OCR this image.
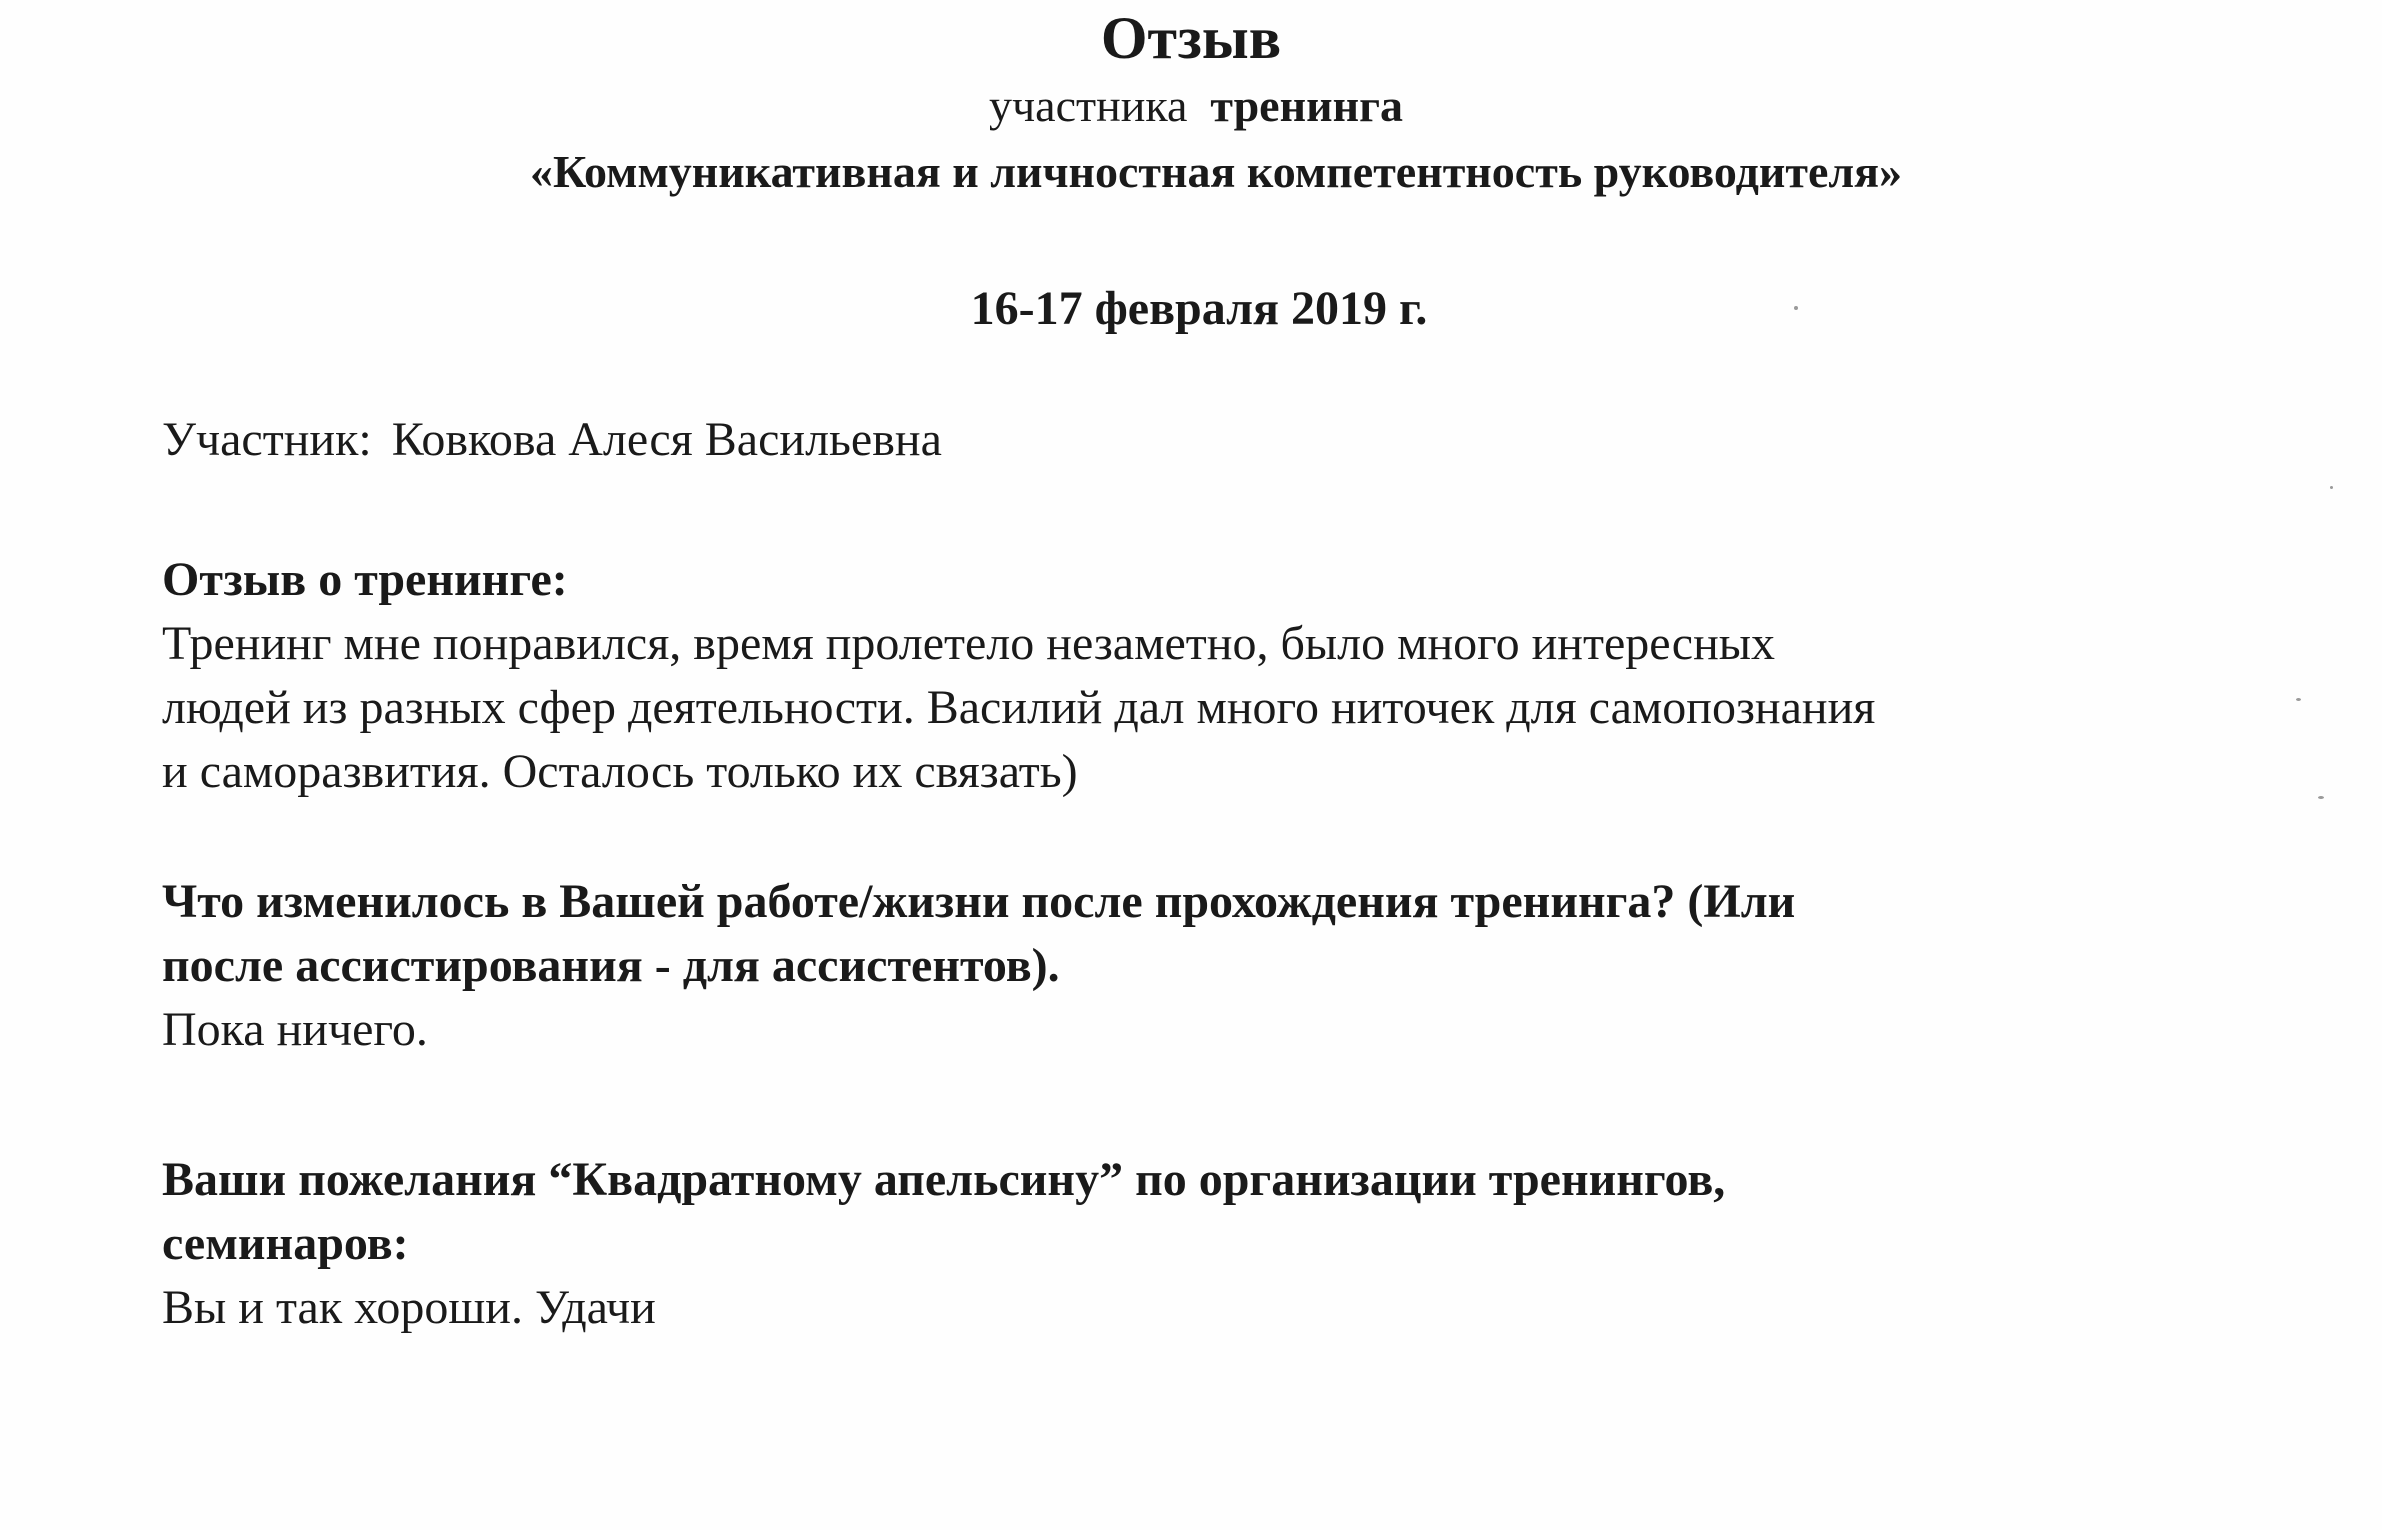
Отзыв
участника тренинга
«Коммуникативная и личностная компетентность руководителя»
16-17 февраля 2019 г.
Участник: Ковкова Алеся Васильевна
Отзыв о тренинге:
Тренинг мне понравился, время пролетело незаметно, было много интересных
людей из разных сфер деятельности. Василий дал много ниточек для самопознания
и саморазвития. Осталось только их связать)
Что изменилось в Вашей работе/жизни после прохождения тренинга? (Или
после ассистирования - для ассистентов).
Пока ничего.
Ваши пожелания “Квадратному апельсину” по организации тренингов,
семинаров:
Вы и так хороши. Удачи
